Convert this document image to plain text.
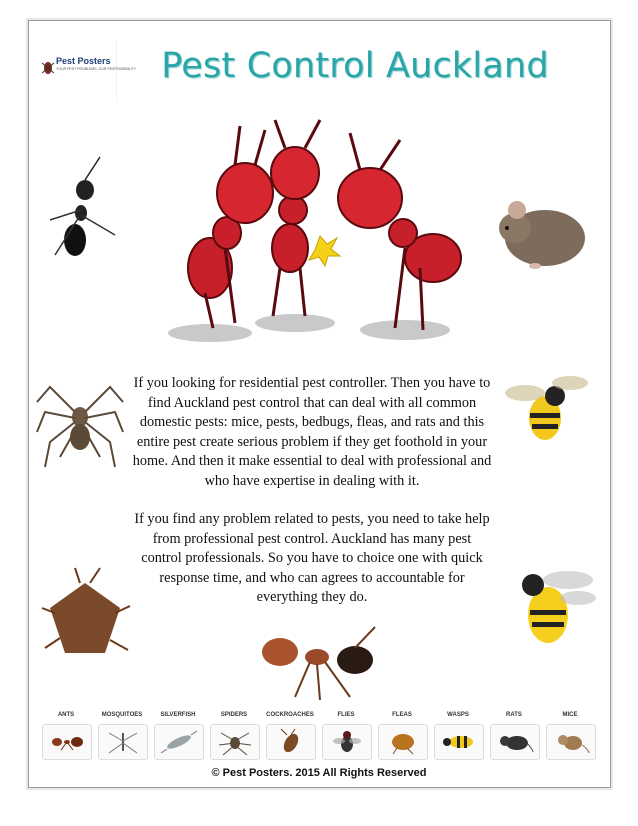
Pest Posters
YOUR PEST PROBLEMS, OUR RESPONSIBILITY Pest Control Auckland

If you looking for residential pest controller. Then you have to find Auckland pest control that can deal with all common domestic pests: mice, pests, bedbugs, fleas, and rats and this entire pest create serious problem if they get foothold in your home. And then it make essential to deal with professional and who have expertise in dealing with it.

If you find any problem related to pests, you need to take help from professional pest control. Auckland has many pest control professionals. So you have to choice one with quick response time, and who can agrees to accountable for everything they do.

ANTS	MOSQUITOES	SILVERFISH	SPIDERS	COCKROACHES	FLIES	FLEAS	WASPS	RATS	MICE
© Pest Posters. 2015 All Rights Reserved
